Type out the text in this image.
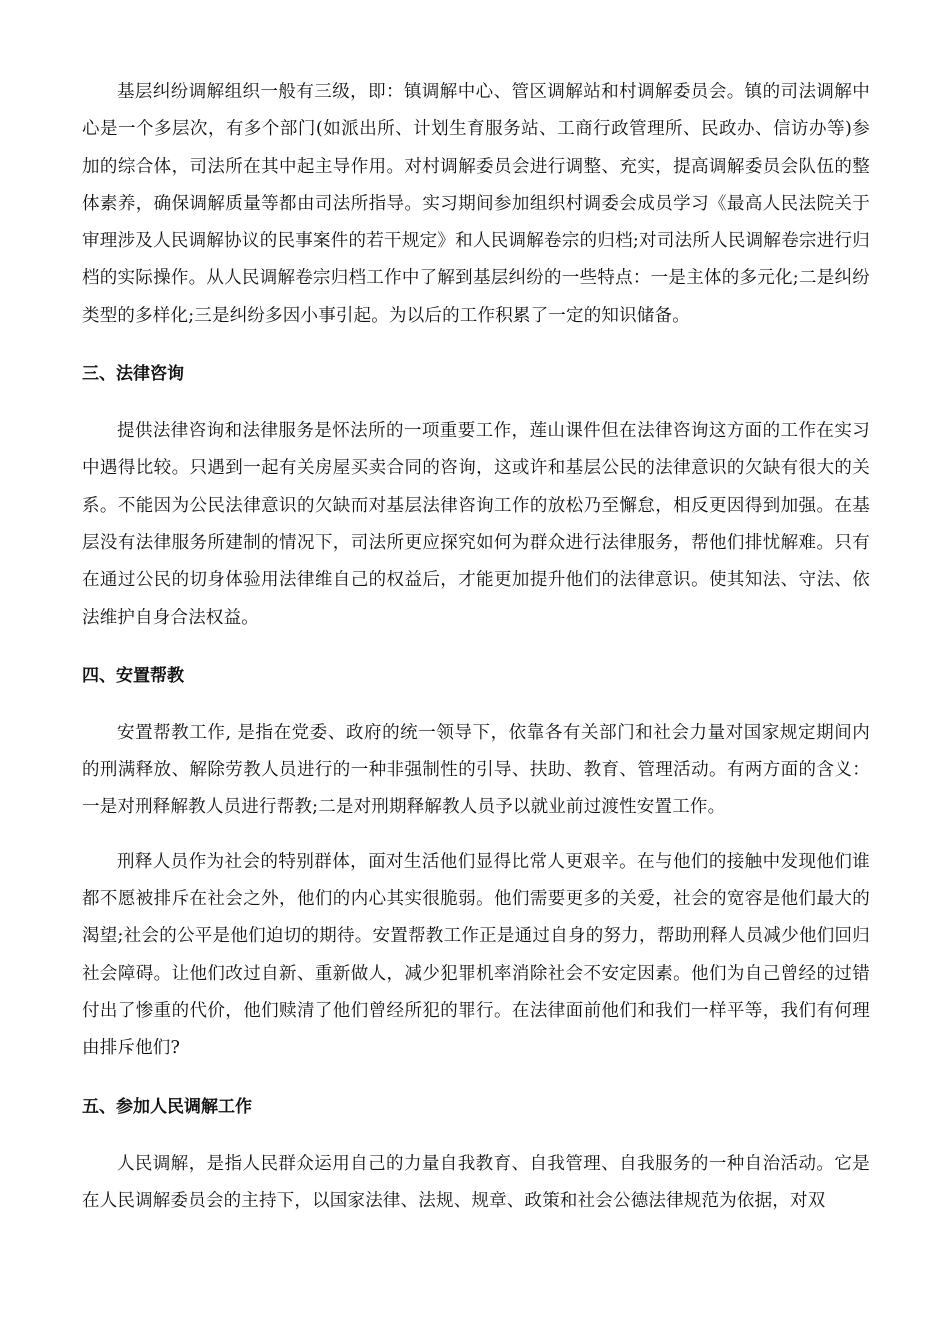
基层纠纷调解组织一般有三级，即：镇调解中心、管区调解站和村调解委员会。镇的司法调解中心是一个多层次，有多个部门(如派出所、计划生育服务站、工商行政管理所、民政办、信访办等)参加的综合体，司法所在其中起主导作用。对村调解委员会进行调整、充实，提高调解委员会队伍的整体素养，确保调解质量等都由司法所指导。实习期间参加组织村调委会成员学习《最高人民法院关于审理涉及人民调解协议的民事案件的若干规定》和人民调解卷宗的归档;对司法所人民调解卷宗进行归档的实际操作。从人民调解卷宗归档工作中了解到基层纠纷的一些特点：一是主体的多元化;二是纠纷类型的多样化;三是纠纷多因小事引起。为以后的工作积累了一定的知识储备。

三、法律咨询

提供法律咨询和法律服务是怀法所的一项重要工作，莲山课件但在法律咨询这方面的工作在实习中遇得比较。只遇到一起有关房屋买卖合同的咨询，这或许和基层公民的法律意识的欠缺有很大的关系。不能因为公民法律意识的欠缺而对基层法律咨询工作的放松乃至懈怠，相反更因得到加强。在基层没有法律服务所建制的情况下，司法所更应探究如何为群众进行法律服务，帮他们排忧解难。只有在通过公民的切身体验用法律维自己的权益后，才能更加提升他们的法律意识。使其知法、守法、依法维护自身合法权益。

四、安置帮教

安置帮教工作, 是指在党委、政府的统一领导下，依靠各有关部门和社会力量对国家规定期间内的刑满释放、解除劳教人员进行的一种非强制性的引导、扶助、教育、管理活动。有两方面的含义：一是对刑释解教人员进行帮教;二是对刑期释解教人员予以就业前过渡性安置工作。

刑释人员作为社会的特别群体，面对生活他们显得比常人更艰辛。在与他们的接触中发现他们谁都不愿被排斥在社会之外，他们的内心其实很脆弱。他们需要更多的关爱，社会的宽容是他们最大的渴望;社会的公平是他们迫切的期待。安置帮教工作正是通过自身的努力，帮助刑释人员减少他们回归社会障碍。让他们改过自新、重新做人，减少犯罪机率消除社会不安定因素。他们为自己曾经的过错付出了惨重的代价，他们赎清了他们曾经所犯的罪行。在法律面前他们和我们一样平等，我们有何理由排斥他们?

五、参加人民调解工作

人民调解，是指人民群众运用自己的力量自我教育、自我管理、自我服务的一种自治活动。它是在人民调解委员会的主持下，以国家法律、法规、规章、政策和社会公德法律规范为依据，对双
